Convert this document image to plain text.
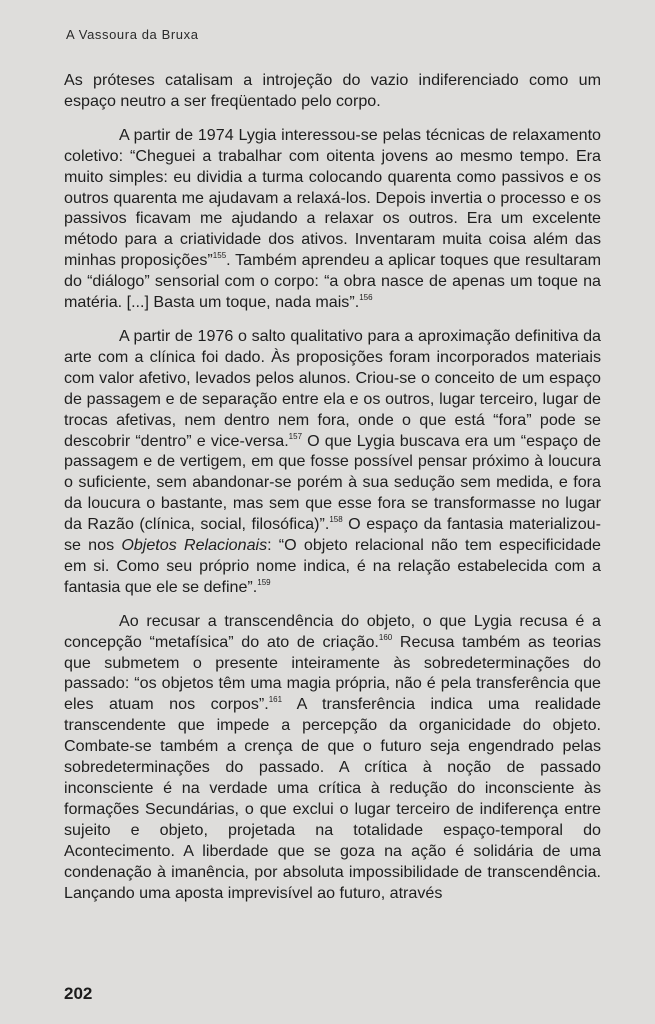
A Vassoura da Bruxa

As próteses catalisam a introjeção do vazio indiferenciado como um espaço neutro a ser freqüentado pelo corpo.

A partir de 1974 Lygia interessou-se pelas técnicas de relaxamento coletivo: “Cheguei a trabalhar com oitenta jovens ao mesmo tempo. Era muito simples: eu dividia a turma colocando quarenta como passivos e os outros quarenta me ajudavam a relaxá-los. Depois invertia o processo e os passivos ficavam me ajudando a relaxar os outros. Era um excelente método para a criatividade dos ativos. Inventaram muita coisa além das minhas proposições”$^{155}$. Também aprendeu a aplicar toques que resultaram do “diálogo” sensorial com o corpo: “a obra nasce de apenas um toque na matéria. [...] Basta um toque, nada mais”.$^{156}$

A partir de 1976 o salto qualitativo para a aproximação definitiva da arte com a clínica foi dado. Às proposições foram incorporados materiais com valor afetivo, levados pelos alunos. Criou-se o conceito de um espaço de passagem e de separação entre ela e os outros, lugar terceiro, lugar de trocas afetivas, nem dentro nem fora, onde o que está “fora” pode se descobrir “dentro” e vice-versa.$^{157}$ O que Lygia buscava era um “espaço de passagem e de vertigem, em que fosse possível pensar próximo à loucura o suficiente, sem abandonar-se porém à sua sedução sem medida, e fora da loucura o bastante, mas sem que esse fora se transformasse no lugar da Razão (clínica, social, filosófica)”.$^{158}$ O espaço da fantasia materializou-se nos Objetos Relacionais: “O objeto relacional não tem especificidade em si. Como seu próprio nome indica, é na relação estabelecida com a fantasia que ele se define”.$^{159}$

Ao recusar a transcendência do objeto, o que Lygia recusa é a concepção “metafísica” do ato de criação.$^{160}$ Recusa também as teorias que submetem o presente inteiramente às sobredeterminações do passado: “os objetos têm uma magia própria, não é pela transferência que eles atuam nos corpos”.$^{161}$ A transferência indica uma realidade transcendente que impede a percepção da organicidade do objeto. Combate-se também a crença de que o futuro seja engendrado pelas sobredeterminações do passado. A crítica à noção de passado inconsciente é na verdade uma crítica à redução do inconsciente às formações Secundárias, o que exclui o lugar terceiro de indiferença entre sujeito e objeto, projetada na totalidade espaço-temporal do Acontecimento. A liberdade que se goza na ação é solidária de uma condenação à imanência, por absoluta impossibilidade de transcendência. Lançando uma aposta imprevisível ao futuro, através

202
